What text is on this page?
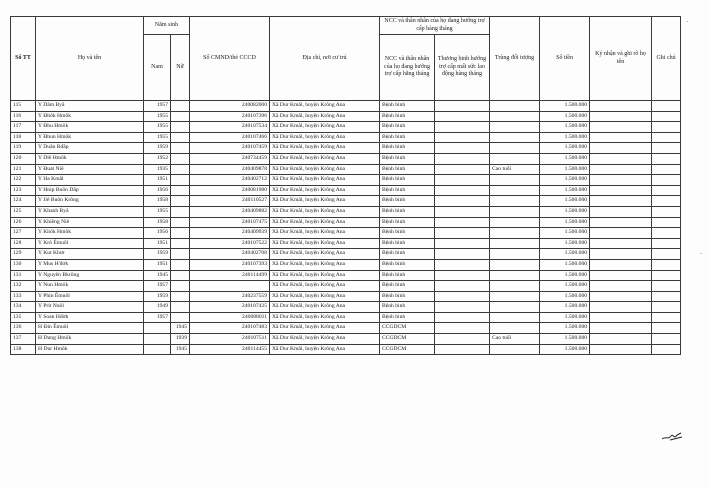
Số TT	Họ và tên	Năm sinh		Số CMND/thẻ CCCD	Địa chỉ, nơi cư trú	NCC và thân nhân của họ đang hưởng trợ cấp hàng tháng		Trùng đối tượng	Số tiền	Ký nhận và ghi rõ họ tên	Ghi chú
		Nam	Nữ			NCC và thân nhân của họ đang hưởng trợ cấp hằng tháng	Thương binh hưởng trợ cấp mất sức lao động hàng tháng				

115	Y Dăm Byă	1957		240082000	Xã Dur Kmăl, huyện Krông Ana	Bệnh binh			1.500.000		
116	Y Đhôk Hmŏk	1955		240107396	Xã Dur Kmăl, huyện Krông Ana	Bệnh binh			1.500.000		
117	Y Đhu Hmŏk	1955		240107534	Xã Dur Kmăl, huyện Krông Ana	Bệnh binh			1.500.000		
118	Y Đhun Hmŏk	1955		240107466	Xã Dur Kmăl, huyện Krông Ana	Bệnh binh			1.500.000		
119	Y Duăn Bđăp	1959		240107459	Xã Dur Kmăl, huyện Krông Ana	Bệnh binh			1.500.000		
120	Y Dlê Hmŏk	1952		240734459	Xã Dur Kmăl, huyện Krông Ana	Bệnh binh			1.500.000		
121	Y Đuat Niê	1935		240409878	Xã Dur Kmăl, huyện Krông Ana	Bệnh binh		Cao tuổi	1.500.000		
122	Y Ha Kmăl	1951		240402712	Xã Dur Kmăl, huyện Krông Ana	Bệnh binh			1.500.000		
123	Y Hnip Buôn Dăp	1956		240081980	Xã Dur Kmăl, huyện Krông Ana	Bệnh binh			1.500.000		
124	Y Jiê Buôn Krông	1958		240110527	Xã Dur Kmăl, huyện Krông Ana	Bệnh binh			1.500.000		
125	Y Khanh Byă	1955		240409882	Xã Dur Kmăl, huyện Krông Ana	Bệnh binh			1.500.000		
126	Y Khiêng Niê	1958		240107475	Xã Dur Kmăl, huyện Krông Ana	Bệnh binh			1.500.000		
127	Y Khŏk Hmŏk	1956		240409939	Xã Dur Kmăl, huyện Krông Ana	Bệnh binh			1.500.000		
128	Y Krô Êmuôl	1951		240107522	Xã Dur Kmăl, huyện Krông Ana	Bệnh binh			1.500.000		
129	Y Kut Khưr	1959		240402708	Xã Dur Kmăl, huyện Krông Ana	Bệnh binh			1.500.000		
130	Y Mus H'đơk	1951		240107393	Xã Dur Kmăl, huyện Krông Ana	Bệnh binh			1.500.000		
131	Y Nguyên Bkrông	1945		240114499	Xã Dur Kmăl, huyện Krông Ana	Bệnh binh			1.500.000		
132	Y Nun Hmŏk	1957			Xã Dur Kmăl, huyện Krông Ana	Bệnh binh			1.500.000		
133	Y Phin Êmuôl	1959		240237559	Xã Dur Kmăl, huyện Krông Ana	Bệnh binh			1.500.000		
134	Y Prit Nuôl	1949		240107425	Xã Dur Kmăl, huyện Krông Ana	Bệnh binh			1.500.000		
135	Y Soan Hđơk	1957		240088011	Xã Dur Kmăl, huyện Krông Ana	Bệnh binh			1.500.000		
136	H Đin Êmuôl		1945	240107483	Xã Dur Kmăl, huyện Krông Ana	CCGDCM			1.500.000		
137	H Dung Hmŏk		1939	240107511	Xã Dur Kmăl, huyện Krông Ana	CCGDCM		Cao tuổi	1.500.000		
138	H Dur Hmŏk		1945	240114455	Xã Dur Kmăl, huyện Krông Ana	CCGDCM			1.500.000		
·
·
